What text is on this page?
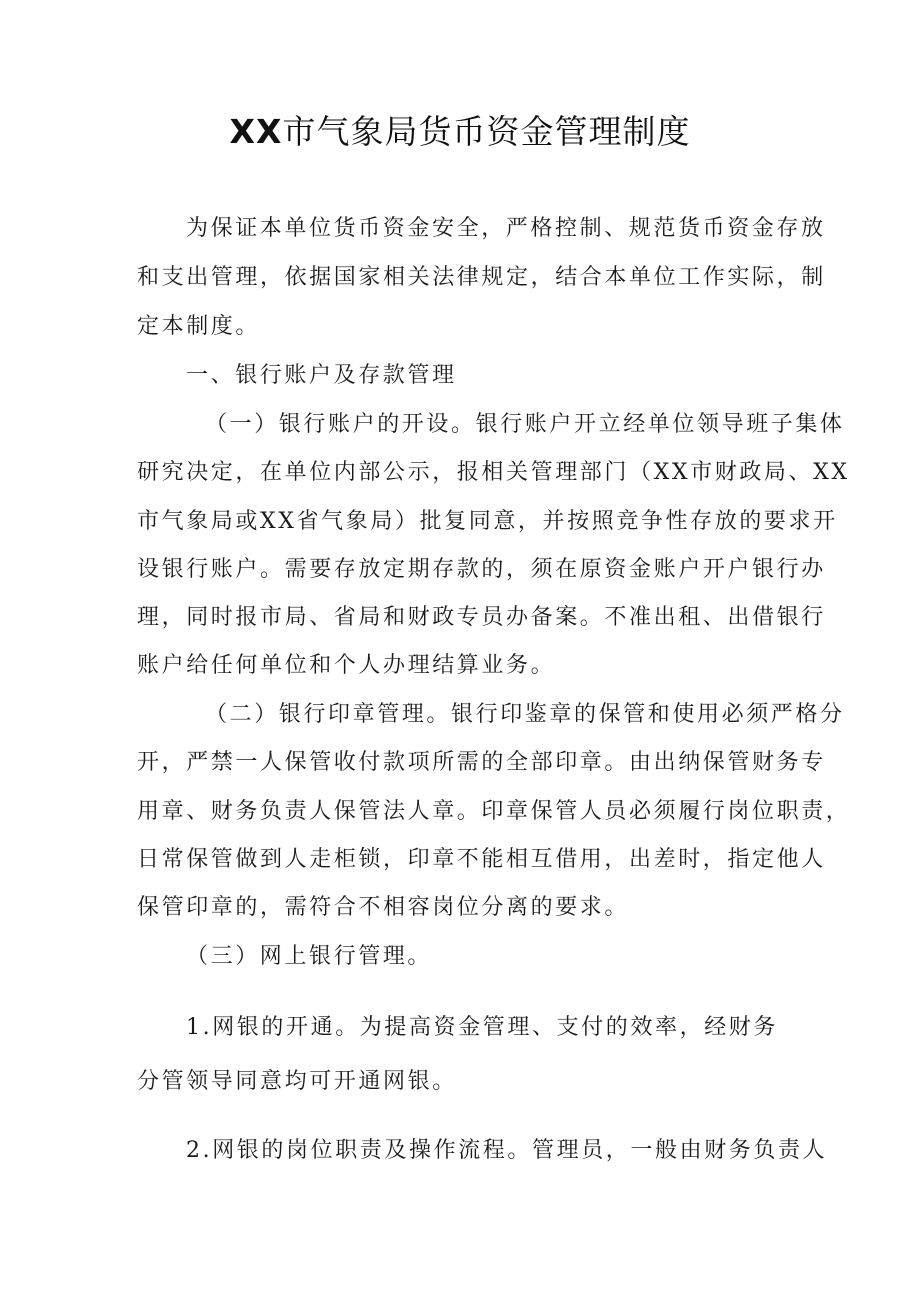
XX市气象局货币资金管理制度

为保证本单位货币资金安全，严格控制、规范货币资金存放

和支出管理，依据国家相关法律规定，结合本单位工作实际，制

定本制度。

一、银行账户及存款管理

（一）银行账户的开设。银行账户开立经单位领导班子集体

研究决定，在单位内部公示，报相关管理部门（XX市财政局、XX

市气象局或XX省气象局）批复同意，并按照竞争性存放的要求开

设银行账户。需要存放定期存款的，须在原资金账户开户银行办

理，同时报市局、省局和财政专员办备案。不准出租、出借银行

账户给任何单位和个人办理结算业务。

（二）银行印章管理。银行印鉴章的保管和使用必须严格分

开，严禁一人保管收付款项所需的全部印章。由出纳保管财务专

用章、财务负责人保管法人章。印章保管人员必须履行岗位职责，

日常保管做到人走柜锁，印章不能相互借用，出差时，指定他人

保管印章的，需符合不相容岗位分离的要求。

（三）网上银行管理。

1.网银的开通。为提高资金管理、支付的效率，经财务

分管领导同意均可开通网银。

2.网银的岗位职责及操作流程。管理员，一般由财务负责人
